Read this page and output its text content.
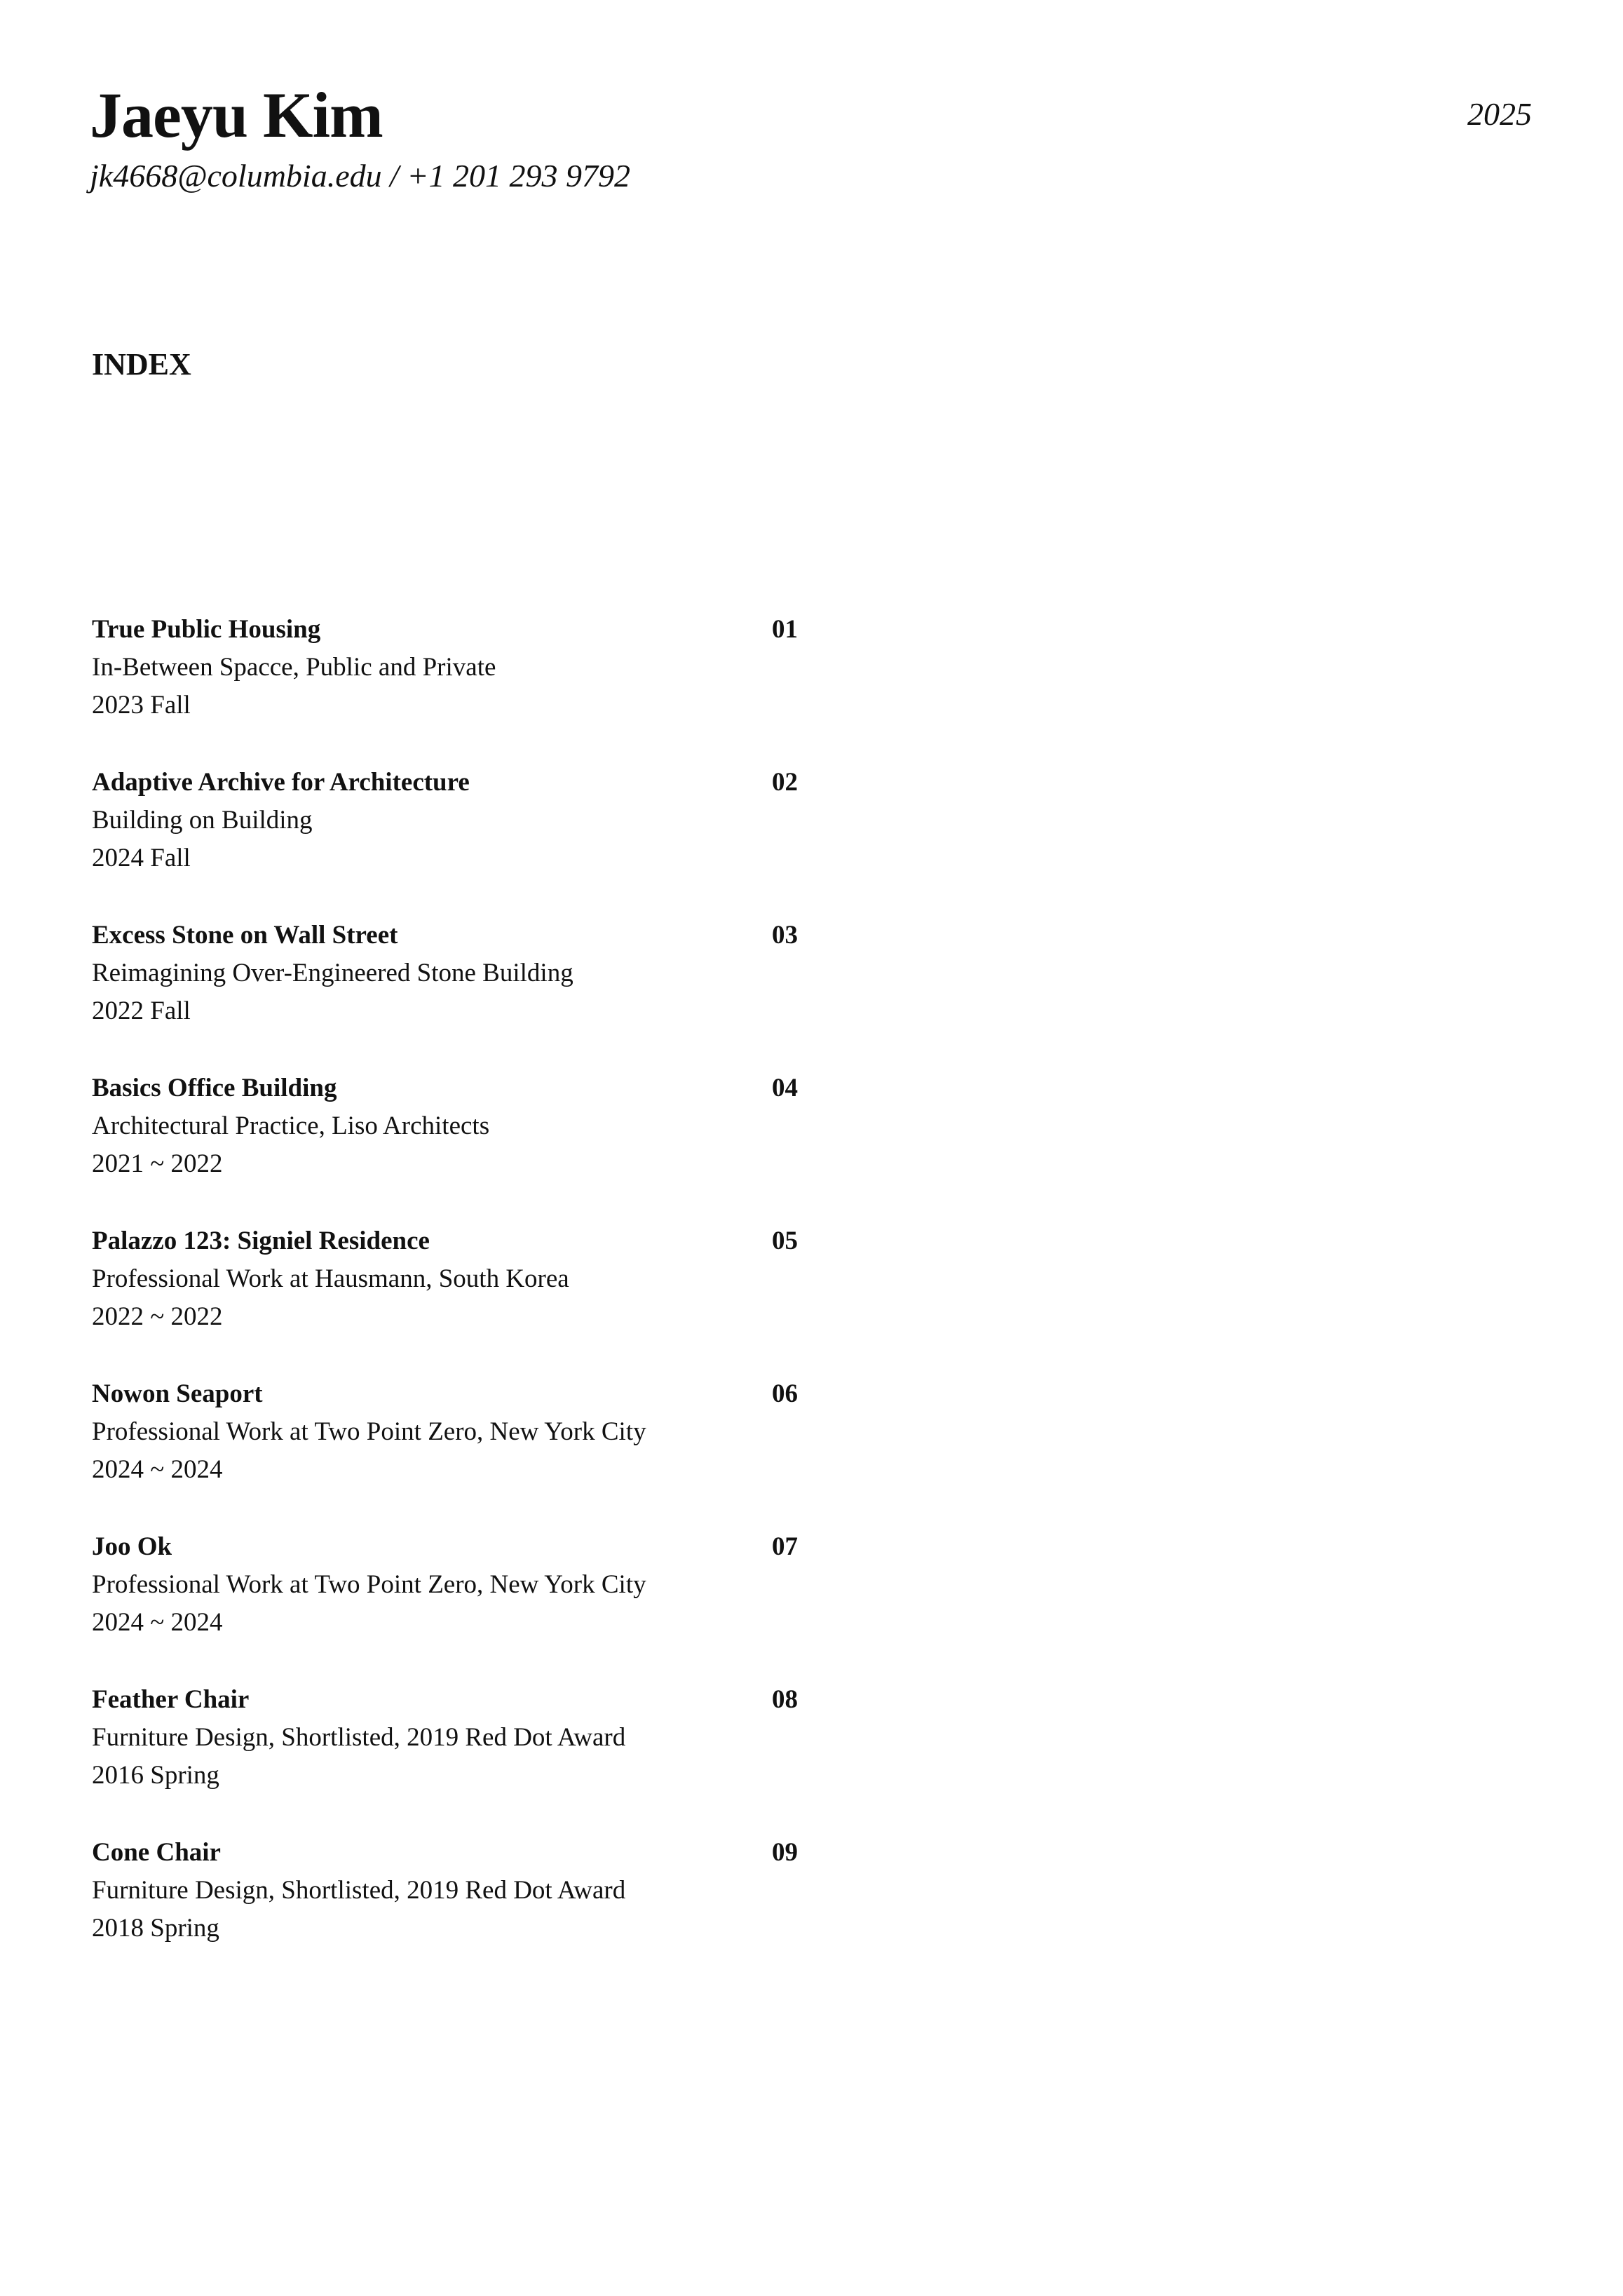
Jaeyu Kim
jk4668@columbia.edu / +1 201 293 9792
2025
INDEX
True Public Housing	01
In-Between Spacce, Public and Private
2023 Fall
Adaptive Archive for Architecture	02
Building on Building
2024 Fall
Excess Stone on Wall Street	03
Reimagining Over-Engineered Stone Building
2022 Fall
Basics Office Building	04
Architectural Practice, Liso Architects
2021 ~ 2022
Palazzo 123: Signiel Residence	05
Professional Work at Hausmann, South Korea
2022 ~ 2022
Nowon Seaport	06
Professional Work at Two Point Zero, New York City
2024 ~ 2024
Joo Ok	07
Professional Work at Two Point Zero, New York City
2024 ~ 2024
Feather Chair	08
Furniture Design, Shortlisted, 2019 Red Dot Award
2016 Spring
Cone Chair	09
Furniture Design, Shortlisted, 2019 Red Dot Award
2018 Spring
